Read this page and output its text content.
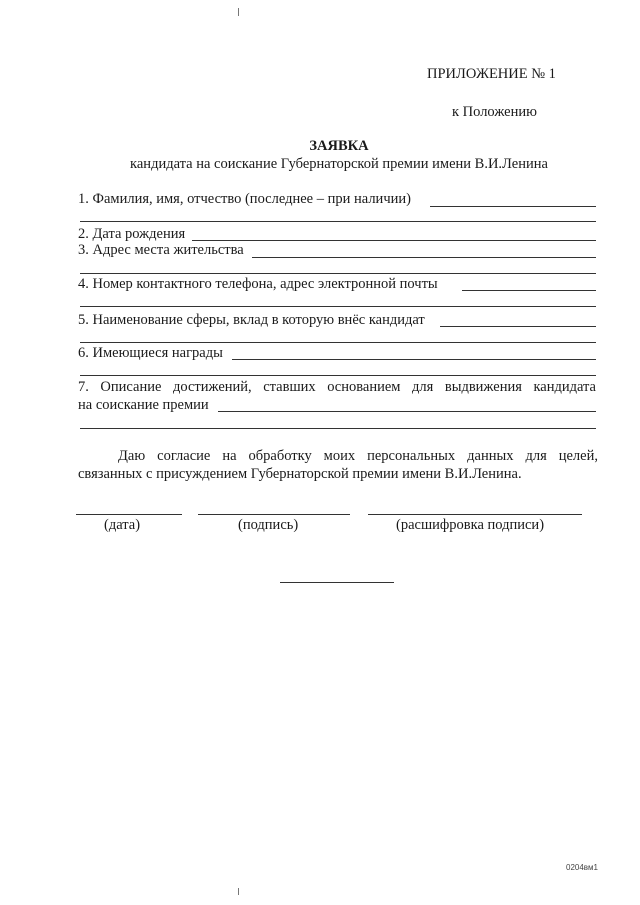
ПРИЛОЖЕНИЕ № 1
к Положению
ЗАЯВКА
кандидата на соискание Губернаторской премии имени В.И.Ленина
1. Фамилия, имя, отчество (последнее – при наличии)
2. Дата рождения
3. Адрес места жительства
4. Номер контактного телефона, адрес электронной почты
5. Наименование сферы, вклад в которую внёс кандидат
6. Имеющиеся награды
7. Описание достижений, ставших основанием для выдвижения кандидата
на соискание премии
Даю согласие на обработку моих персональных данных для целей,
связанных с присуждением Губернаторской премии имени В.И.Ленина.
(дата)	(подпись)	(расшифровка подписи)
0204вм1
